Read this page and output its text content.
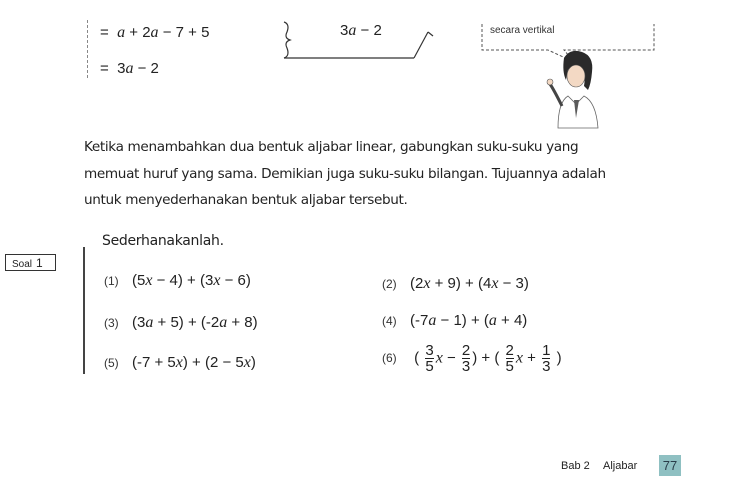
= a + 2a − 7 + 5
= 3a − 2
3a − 2	secara vertikal
Ketika menambahkan dua bentuk aljabar linear, gabungkan suku-suku yang
memuat huruf yang sama. Demikian juga suku-suku bilangan. Tujuannya adalah
untuk menyederhanakan bentuk aljabar tersebut.
Soal 1
Sederhanakanlah.
(1) (5x − 4) + (3x − 6)	(2) (2x + 9) + (4x − 3)
(3) (3a + 5) + (-2a + 8)	(4) (-7a − 1) + (a + 4)
(5) (-7 + 5x) + (2 − 5x)	(6) ( $\frac{3}{5}$ $x - \frac{2}{3}$ ) + ( $\frac{2}{5}$ $x + \frac{1}{3}$ )
Bab 2 Aljabar 77
